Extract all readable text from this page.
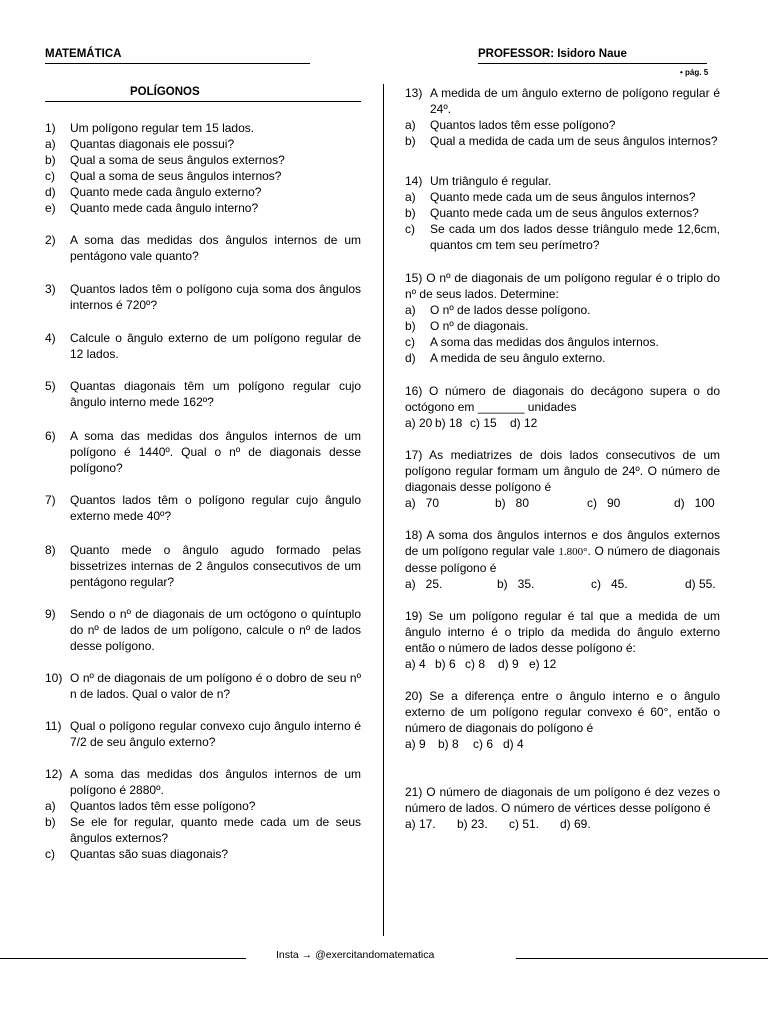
MATEMÁTICA	PROFESSOR: Isidoro Naue
• pág. 5
POLÍGONOS
1)	Um polígono regular tem 15 lados.
a)	Quantas diagonais ele possui?
b)	Qual a soma de seus ângulos externos?
c)	Qual a soma de seus ângulos internos?
d)	Quanto mede cada ângulo externo?
e)	Quanto mede cada ângulo interno?
2)	A soma das medidas dos ângulos internos de um pentágono vale quanto?
3)	Quantos lados têm o polígono cuja soma dos ângulos internos é 720º?
4)	Calcule o ângulo externo de um polígono regular de 12 lados.
5)	Quantas diagonais têm um polígono regular cujo ângulo interno mede 162º?
6)	A soma das medidas dos ângulos internos de um polígono é 1440º. Qual o nº de diagonais desse polígono?
7)	Quantos lados têm o polígono regular cujo ângulo externo mede 40º?
8)	Quanto mede o ângulo agudo formado pelas bissetrizes internas de 2 ângulos consecutivos de um pentágono regular?
9)	Sendo o nº de diagonais de um octógono o quíntuplo do nº de lados de um polígono, calcule o nº de lados desse polígono.
10) O nº de diagonais de um polígono é o dobro de seu nº n de lados. Qual o valor de n?
11) Qual o polígono regular convexo cujo ângulo interno é 7/2 de seu ângulo externo?
12) A soma das medidas dos ângulos internos de um polígono é 2880º.
a)	Quantos lados têm esse polígono?
b)	Se ele for regular, quanto mede cada um de seus ângulos externos?
c)	Quantas são suas diagonais?
13) A medida de um ângulo externo de polígono regular é 24º.
a)	Quantos lados têm esse polígono?
b)	Qual a medida de cada um de seus ângulos internos?
14) Um triângulo é regular.
a)	Quanto mede cada um de seus ângulos internos?
b)	Quanto mede cada um de seus ângulos externos?
c)	Se cada um dos lados desse triângulo mede 12,6cm, quantos cm tem seu perímetro?

15) O nº de diagonais de um polígono regular é o triplo do nº de seus lados. Determine:

a)	O nº de lados desse polígono.
b)	O nº de diagonais.
c)	A soma das medidas dos ângulos internos.
d)	A medida de seu ângulo externo.

16) O número de diagonais do decágono supera o do octógono em _______ unidades

a) 20 b) 18 c) 15	d) 12

17) As mediatrizes de dois lados consecutivos de um polígono regular formam um ângulo de 24º. O número de diagonais desse polígono é

a)   70	b)   80	c)   90	d)   100

18) A soma dos ângulos internos e dos ângulos externos de um polígono regular vale 1.800°. O número de diagonais desse polígono é

a)   25.	b)   35.	c)   45.	d) 55.

19) Se um polígono regular é tal que a medida de um ângulo interno é o triplo da medida do ângulo externo então o número de lados desse polígono é:

a) 4 b) 6 c) 8	d) 9 e) 12

20) Se a diferença entre o ângulo interno e o ângulo externo de um polígono regular convexo é 60°, então o número de diagonais do polígono é

a) 9	b) 8	c) 6 d) 4

21) O número de diagonais de um polígono é dez vezes o número de lados. O número de vértices desse polígono é

a) 17.	b) 23.	c) 51.	d) 69.
Insta → @exercitandomatematica
